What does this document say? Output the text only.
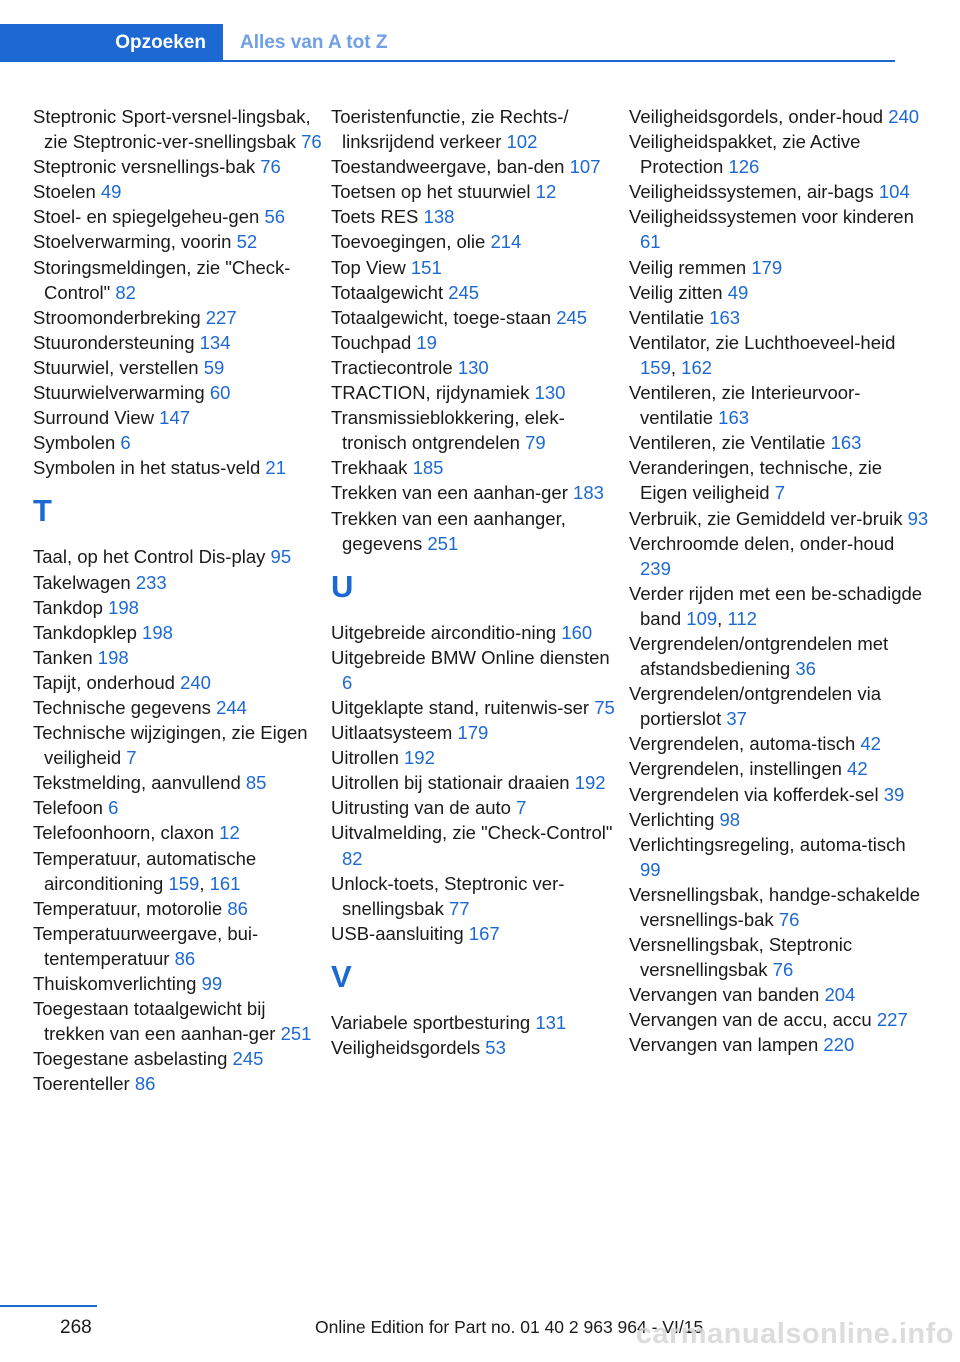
Opzoeken	Alles van A tot Z
Steptronic Sport-versnel‐lingsbak, zie Steptronic-ver‐snellingsbak 76
Steptronic versnellings‐bak 76
Stoelen 49
Stoel- en spiegelgeheu‐gen 56
Stoelverwarming, voorin 52
Storingsmeldingen, zie "Check-Control" 82
Stroomonderbreking 227
Stuurondersteuning 134
Stuurwiel, verstellen 59
Stuurwielverwarming 60
Surround View 147
Symbolen 6
Symbolen in het status‐veld 21
T
Taal, op het Control Dis‐play 95
Takelwagen 233
Tankdop 198
Tankdopklep 198
Tanken 198
Tapijt, onderhoud 240
Technische gegevens 244
Technische wijzigingen, zie Eigen veiligheid 7
Tekstmelding, aanvullend 85
Telefoon 6
Telefoonhoorn, claxon 12
Temperatuur, automatische airconditioning 159, 161
Temperatuur, motorolie 86
Temperatuurweergave, bui‐tentemperatuur 86
Thuiskomverlichting 99
Toegestaan totaalgewicht bij trekken van een aanhan‐ger 251
Toegestane asbelasting 245
Toerenteller 86
Toeristenfunctie, zie Rechts-/ linksrijdend verkeer 102
Toestandweergave, ban‐den 107
Toetsen op het stuurwiel 12
Toets RES 138
Toevoegingen, olie 214
Top View 151
Totaalgewicht 245
Totaalgewicht, toege‐staan 245
Touchpad 19
Tractiecontrole 130
TRACTION, rijdynamiek 130
Transmissieblokkering, elek‐tronisch ontgrendelen 79
Trekhaak 185
Trekken van een aanhan‐ger 183
Trekken van een aanhanger, gegevens 251
U
Uitgebreide airconditio‐ning 160
Uitgebreide BMW Online diensten 6
Uitgeklapte stand, ruitenwis‐ser 75
Uitlaatsysteem 179
Uitrollen 192
Uitrollen bij stationair draaien 192
Uitrusting van de auto 7
Uitvalmelding, zie "Check-Control" 82
Unlock-toets, Steptronic ver‐snellingsbak 77
USB-aansluiting 167
V
Variabele sportbesturing 131
Veiligheidsgordels 53
Veiligheidsgordels, onder‐houd 240
Veiligheidspakket, zie Active Protection 126
Veiligheidssystemen, air‐bags 104
Veiligheidssystemen voor kinderen 61
Veilig remmen 179
Veilig zitten 49
Ventilatie 163
Ventilator, zie Luchthoeveel‐heid 159, 162
Ventileren, zie Interieurvoor‐ventilatie 163
Ventileren, zie Ventilatie 163
Veranderingen, technische, zie Eigen veiligheid 7
Verbruik, zie Gemiddeld ver‐bruik 93
Verchroomde delen, onder‐houd 239
Verder rijden met een be‐schadigde band 109, 112
Vergrendelen/ontgrendelen met afstandsbediening 36
Vergrendelen/ontgrendelen via portierslot 37
Vergrendelen, automa‐tisch 42
Vergrendelen, instellingen 42
Vergrendelen via kofferdek‐sel 39
Verlichting 98
Verlichtingsregeling, automa‐tisch 99
Versnellingsbak, handge‐schakelde versnellings‐bak 76
Versnellingsbak, Steptronic versnellingsbak 76
Vervangen van banden 204
Vervangen van de accu, accu 227
Vervangen van lampen 220
268	Online Edition for Part no. 01 40 2 963 964 - VI/15
carmanualsonline.info
